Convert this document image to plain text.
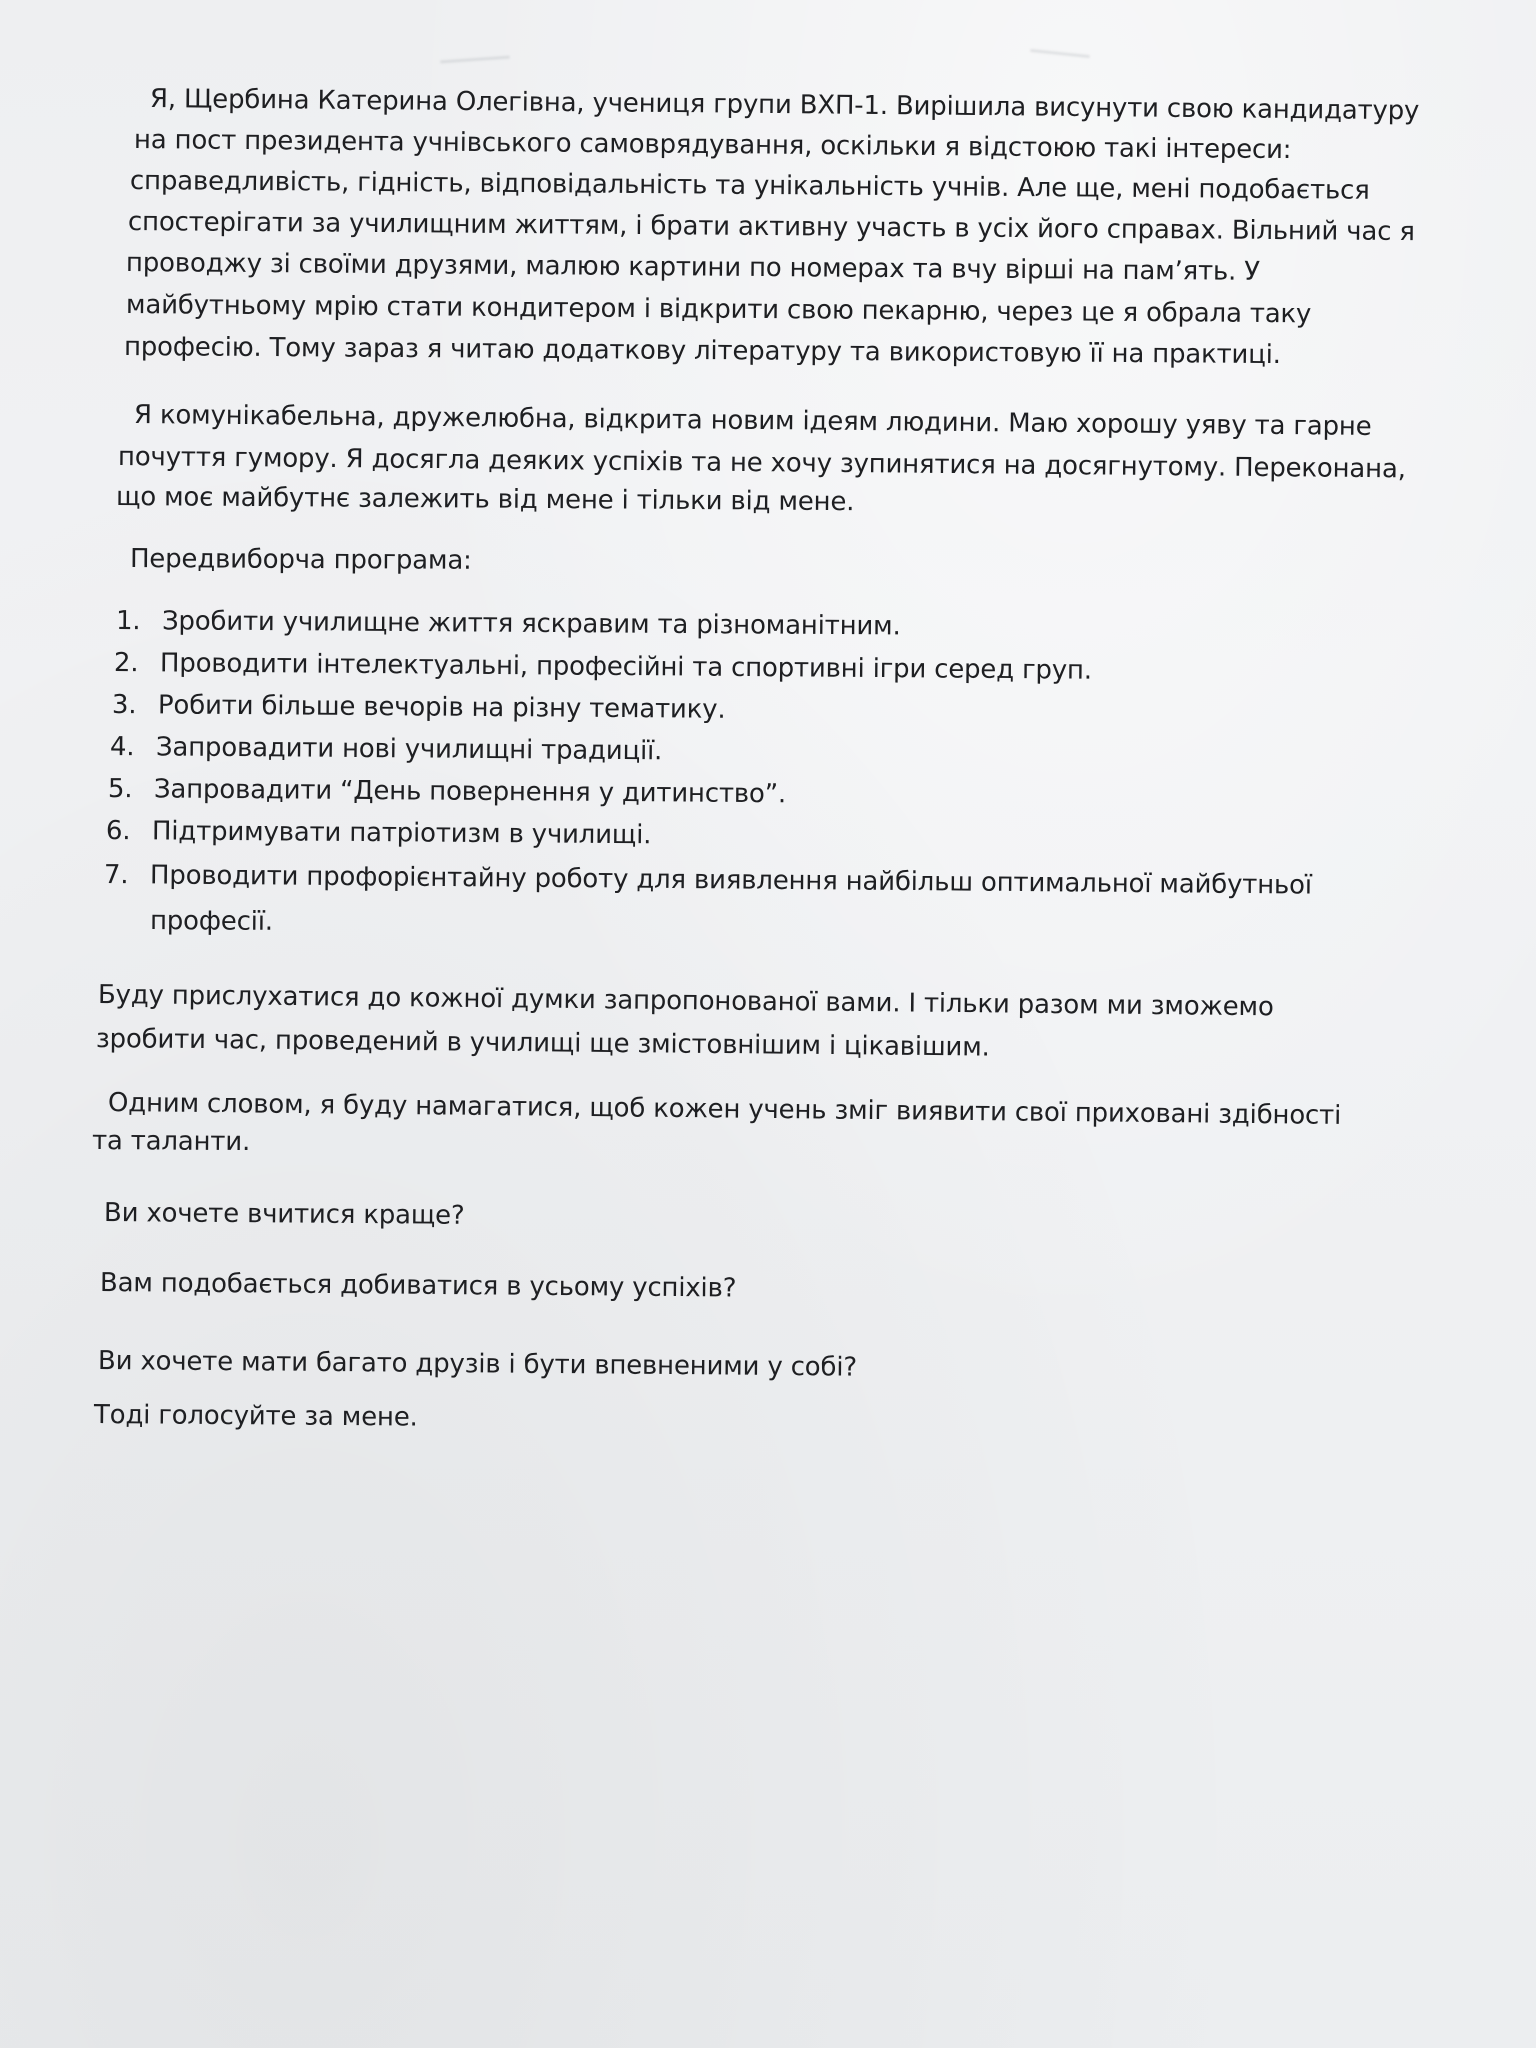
Я, Щербина Катерина Олегівна, учениця групи ВХП-1. Вирішила висунути свою кандидатуру
на пост президента учнівського самоврядування, оскільки я відстоюю такі інтереси:
справедливість, гідність, відповідальність та унікальність учнів. Але ще, мені подобається
спостерігати за училищним життям, і брати активну участь в усіх його справах. Вільний час я
проводжу зі своїми друзями, малюю картини по номерах та вчу вірші на пам’ять. У
майбутньому мрію стати кондитером і відкрити свою пекарню, через це я обрала таку
професію. Тому зараз я читаю додаткову літературу та використовую її на практиці.
Я комунікабельна, дружелюбна, відкрита новим ідеям людини. Маю хорошу уяву та гарне
почуття гумору. Я досягла деяких успіхів та не хочу зупинятися на досягнутому. Переконана,
що моє майбутнє залежить від мене і тільки від мене.
Передвиборча програма:
1. Зробити училищне життя яскравим та різноманітним.
2. Проводити інтелектуальні, професійні та спортивні ігри серед груп.
3. Робити більше вечорів на різну тематику.
4. Запровадити нові училищні традиції.
5. Запровадити “День повернення у дитинство”.
6. Підтримувати патріотизм в училищі.
7. Проводити профорієнтайну роботу для виявлення найбільш оптимальної майбутньої
професії.
Буду прислухатися до кожної думки запропонованої вами. І тільки разом ми зможемо
зробити час, проведений в училищі ще змістовнішим і цікавішим.
Одним словом, я буду намагатися, щоб кожен учень зміг виявити свої приховані здібності
та таланти.
Ви хочете вчитися краще?
Вам подобається добиватися в усьому успіхів?
Ви хочете мати багато друзів і бути впевненими у собі?
Тоді голосуйте за мене.
